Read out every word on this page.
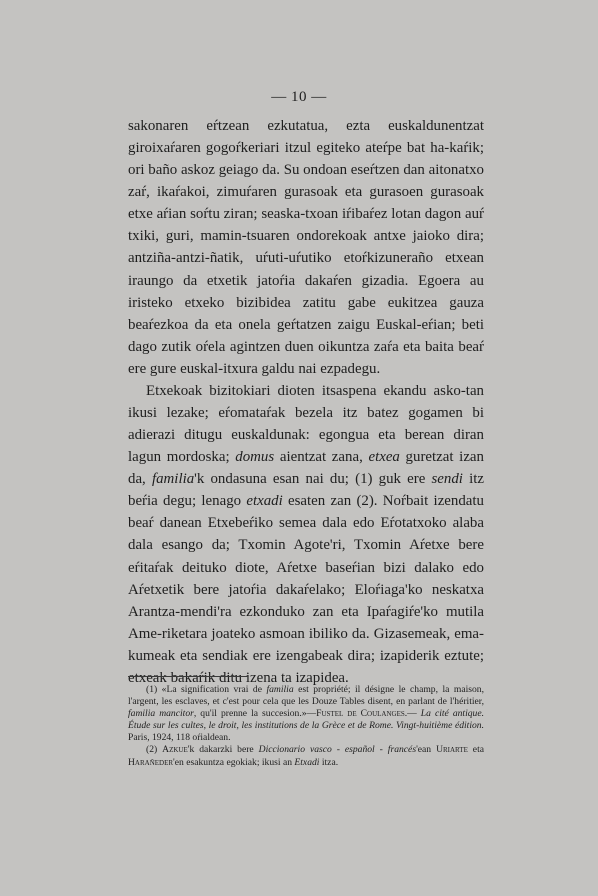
— 10 —

sakonaren eŕtzean ezkutatua, ezta euskaldunentzat giroixaŕaren gogoŕkeriari itzul egiteko ateŕpe bat ha-kaŕik; ori baño askoz geiago da. Su ondoan eseŕtzen dan aitonatxo zaŕ, ikaŕakoi, zimuŕaren gurasoak eta gurasoen gurasoak etxe aŕian soŕtu ziran; seaska-txoan iŕibaŕez lotan dagon auŕ txiki, guri, mamin-tsuaren ondorekoak antxe jaioko dira; antziña-antzi-ñatik, uŕuti-uŕutiko etoŕkizuneraño etxean iraungo da etxetik jatoŕia dakaŕen gizadia. Egoera au iristeko etxeko bizibidea zatitu gabe eukitzea gauza beaŕezkoa da eta onela geŕtatzen zaigu Euskal-eŕian; beti dago zutik oŕela agintzen duen oikuntza zaŕa eta baita beaŕ ere gure euskal-itxura galdu nai ezpadegu.

Etxekoak bizitokiari dioten itsaspena ekandu asko-tan ikusi lezake; eŕomataŕak bezela itz batez gogamen bi adierazi ditugu euskaldunak: egongua eta berean diran lagun mordoska; domus aientzat zana, etxea guretzat izan da, familia'k ondasuna esan nai du; (1) guk ere sendi itz beŕia degu; lenago etxadi esaten zan (2). Noŕbait izendatu beaŕ danean Etxebeŕiko semea dala edo Eŕotatxoko alaba dala esango da; Txomin Agote'ri, Txomin Aŕetxe bere eŕitaŕak deituko diote, Aŕetxe baseŕian bizi dalako edo Aŕetxetik bere jatoŕia dakaŕelako; Eloŕiaga'ko neskatxa Arantza-mendi'ra ezkonduko zan eta Ipaŕagiŕe'ko mutila Ame-riketara joateko asmoan ibiliko da. Gizasemeak, ema-kumeak eta sendiak ere izengabeak dira; izapiderik eztute; etxeak bakaŕik ditu izena ta izapidea.

(1) «La signification vrai de familia est propriété; il désigne le champ, la maison, l'argent, les esclaves, et c'est pour cela que les Douze Tables disent, en parlant de l'héritier, familia mancitor, qu'il prenne la succesion.»—Fustel de Coulanges.— La cité antique. Étude sur les cultes, le droit, les institutions de la Grèce et de Rome. Vingt-huitième édition. Paris, 1924, 118 oŕialdean.

(2) Azkue'k dakarzki bere Diccionario vasco - español - francés'ean Uriarte eta Harañeder'en esakuntza egokiak; ikusi an Etxadi itza.
